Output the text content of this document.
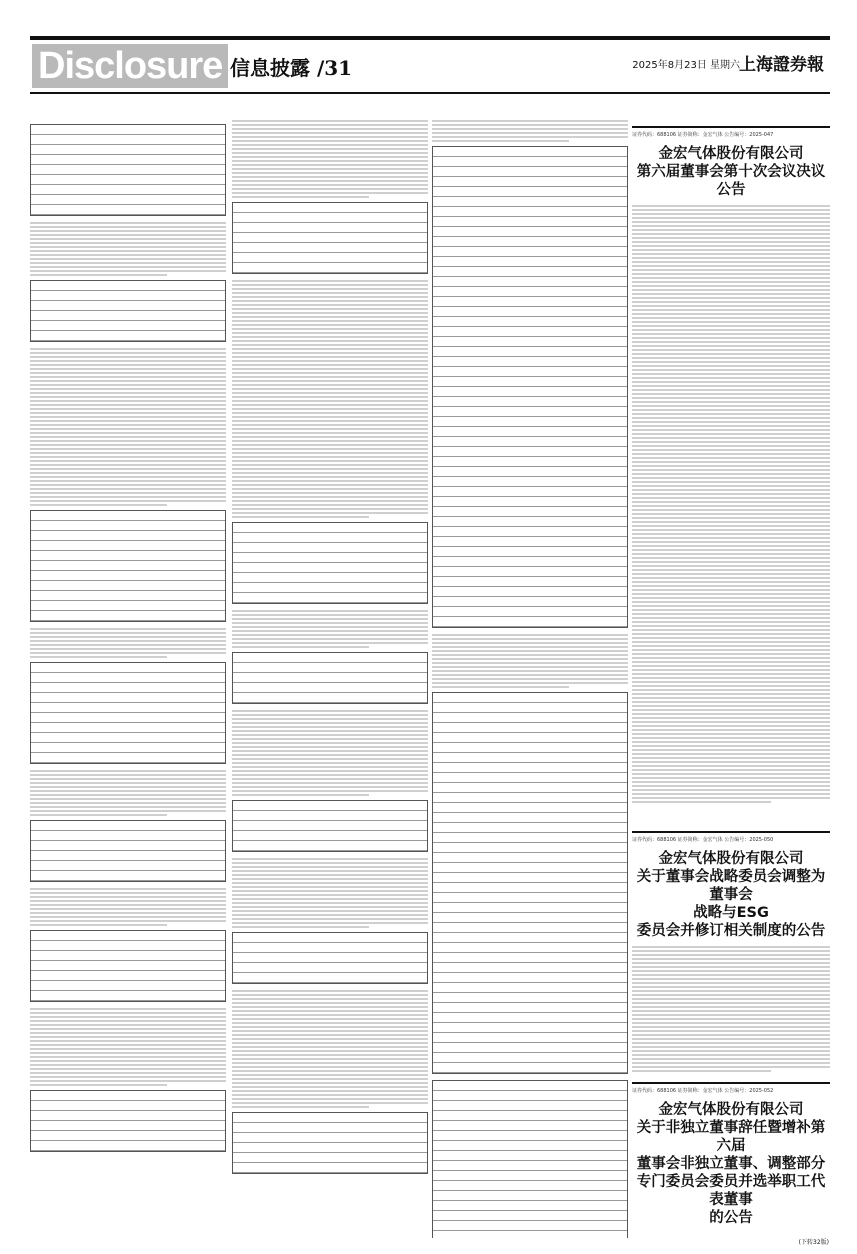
Disclosure 信息披露 /31	2025年8月23日 星期六 上海證券報
证券代码：688106 证券简称：金宏气体 公告编号：2025-047
金宏气体股份有限公司
第六届董事会第十次会议决议公告
证券代码：688106 证券简称：金宏气体 公告编号：2025-050
金宏气体股份有限公司
关于董事会战略委员会调整为董事会
战略与ESG
委员会并修订相关制度的公告
证券代码：688106 证券简称：金宏气体 公告编号：2025-052
金宏气体股份有限公司
关于非独立董事辞任暨增补第六届
董事会非独立董事、调整部分
专门委员会委员并选举职工代表董事
的公告
(下转32版)
